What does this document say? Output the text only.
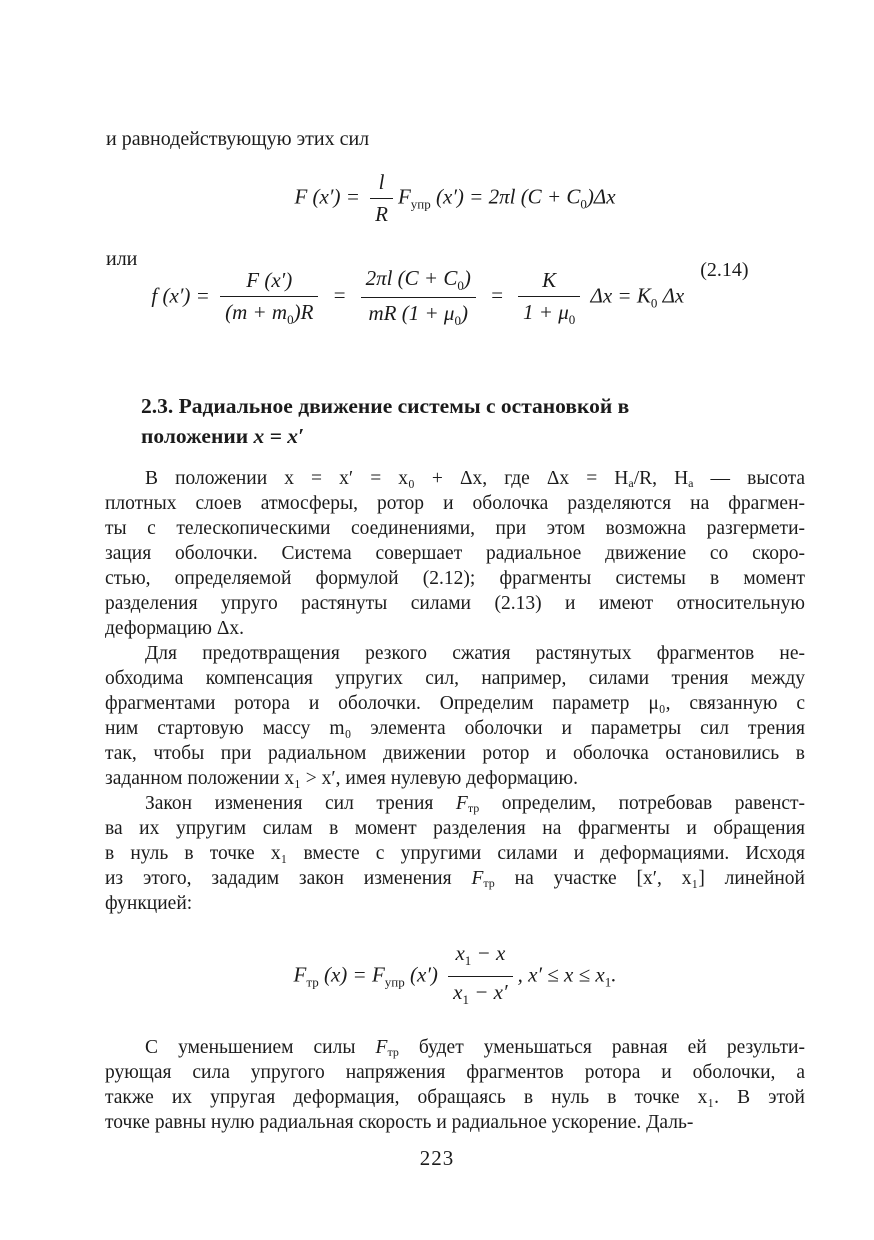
и равнодействующую этих сил
F $(x') = \frac{l}{R} F_{упр}$ (x′) = 2πl $(C + C_0)\Delta x$
или
f $(x') = \frac{F (x')}{(m + m_0)R} = \frac{2\pi l (C + C_0)}{mR (1 + \mu_0)} = \frac{K}{1 + \mu_0}$ $\Delta x = K_0$ Δx(2.14)
2.3. Радиальное движение системы с остановкой в
положении x = x′
В положении x = x′ = x₀ + Δx, где Δx = Hа/R, Hа — высота
плотных слоев атмосферы, ротор и оболочка разделяются на фрагмен-
ты с телескопическими соединениями, при этом возможна разгермети-
зация оболочки. Система совершает радиальное движение со скоро-
стью, определяемой формулой (2.12); фрагменты системы в момент
разделения упруго растянуты силами (2.13) и имеют относительную
деформацию Δx.
Для предотвращения резкого сжатия растянутых фрагментов не-
обходима компенсация упругих сил, например, силами трения между
фрагментами ротора и оболочки. Определим параметр μ₀, связанную с
ним стартовую массу m₀ элемента оболочки и параметры сил трения
так, чтобы при радиальном движении ротор и оболочка остановились в
заданном положении x₁ > x′, имея нулевую деформацию.
Закон изменения сил трения Fтр определим, потребовав равенст-
ва их упругим силам в момент разделения на фрагменты и обращения
в нуль в точке x₁ вместе с упругими силами и деформациями. Исходя
из этого, зададим закон изменения Fтр на участке [x′, x₁] линейной
функцией:
$F_{тр}$ $(x) = F_{упр}$ $(x') \frac{x_1 - x}{x_1 - x'}$ , $x' \le x \le x_1$.
С уменьшением силы Fтр будет уменьшаться равная ей результи-
рующая сила упругого напряжения фрагментов ротора и оболочки, а
также их упругая деформация, обращаясь в нуль в точке x₁. В этой
точке равны нулю радиальная скорость и радиальное ускорение. Даль-
223
